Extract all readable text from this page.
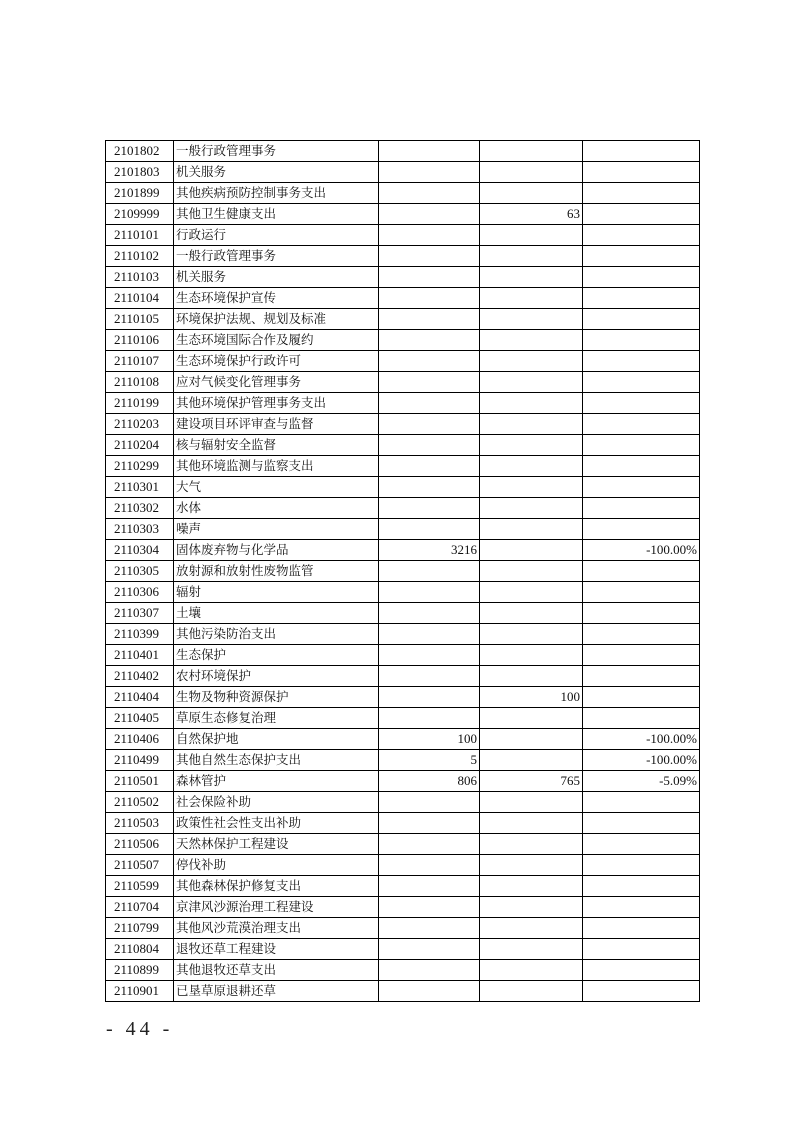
2101802	一般行政管理事务			
2101803	机关服务			
2101899	其他疾病预防控制事务支出			
2109999	其他卫生健康支出		63	
2110101	行政运行			
2110102	一般行政管理事务			
2110103	机关服务			
2110104	生态环境保护宣传			
2110105	环境保护法规、规划及标准			
2110106	生态环境国际合作及履约			
2110107	生态环境保护行政许可			
2110108	应对气候变化管理事务			
2110199	其他环境保护管理事务支出			
2110203	建设项目环评审查与监督			
2110204	核与辐射安全监督			
2110299	其他环境监测与监察支出			
2110301	大气			
2110302	水体			
2110303	噪声			
2110304	固体废弃物与化学品	3216		-100.00%
2110305	放射源和放射性废物监管			
2110306	辐射			
2110307	土壤			
2110399	其他污染防治支出			
2110401	生态保护			
2110402	农村环境保护			
2110404	生物及物种资源保护		100	
2110405	草原生态修复治理			
2110406	自然保护地	100		-100.00%
2110499	其他自然生态保护支出	5		-100.00%
2110501	森林管护	806	765	-5.09%
2110502	社会保险补助			
2110503	政策性社会性支出补助			
2110506	天然林保护工程建设			
2110507	停伐补助			
2110599	其他森林保护修复支出			
2110704	京津风沙源治理工程建设			
2110799	其他风沙荒漠治理支出			
2110804	退牧还草工程建设			
2110899	其他退牧还草支出			
2110901	已垦草原退耕还草			
- 44 -
